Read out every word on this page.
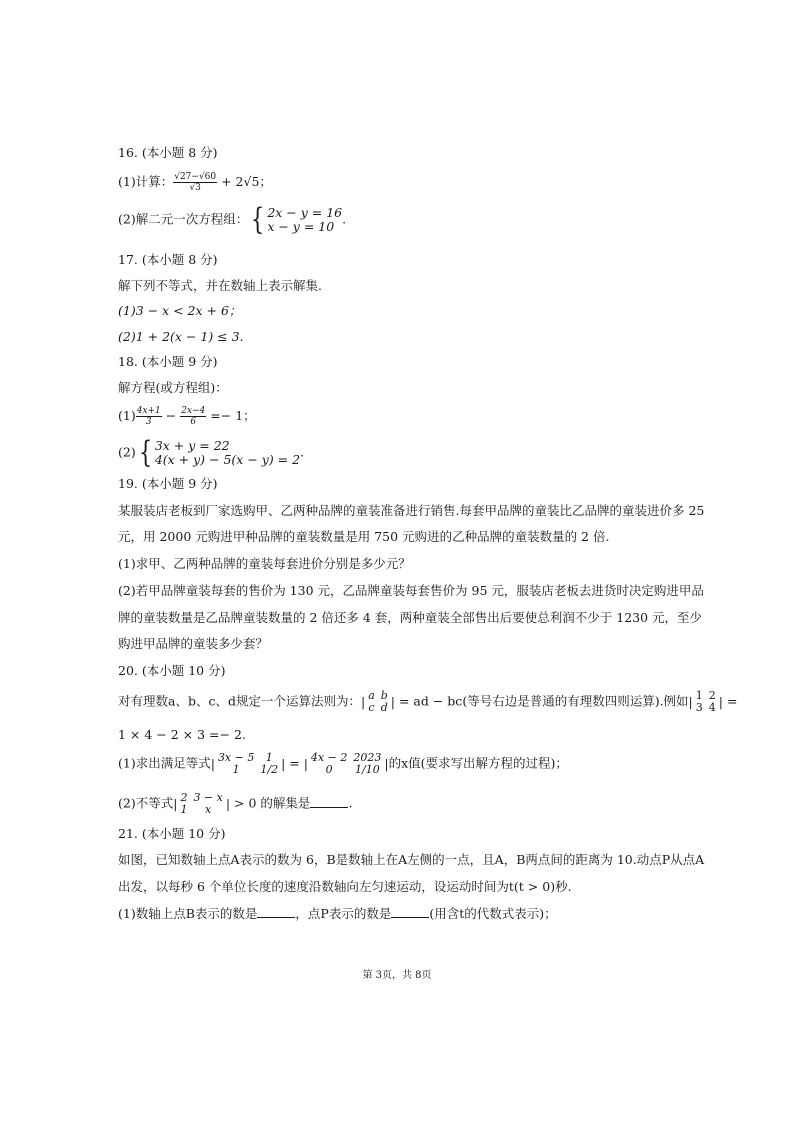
16. (本小题 8 分)
(1)计算： $\frac{√27-√60}{√3} + 2√5$；
(2)解二元一次方程组：{ 2x − y = 16
x − y = 10 .
17. (本小题 8 分)
解下列不等式，并在数轴上表示解集.
(1)3 − x < 2x + 6；
(2)1 + 2(x − 1) ≤ 3.
18. (本小题 9 分)
解方程(或方程组)：
$(1) \frac{4x+1}{3} - \frac{2x-4}{6} =- 1$；
(2){ 3x + y = 22
4(x + y) − 5(x − y) = 2 .
19. (本小题 9 分)
某服装店老板到厂家选购甲、乙两种品牌的童装准备进行销售.每套甲品牌的童装比乙品牌的童装进价多 25
元，用 2000 元购进甲种品牌的童装数量是用 750 元购进的乙种品牌的童装数量的 2 倍.
(1)求甲、乙两种品牌的童装每套进价分别是多少元？
(2)若甲品牌童装每套的售价为 130 元，乙品牌童装每套售价为 95 元，服装店老板去进货时决定购进甲品
牌的童装数量是乙品牌童装数量的 2 倍还多 4 套，两种童装全部售出后要使总利润不少于 1230 元，至少
购进甲品牌的童装多少套？
20. (本小题 10 分)
对有理数a、b、c、d规定一个运算法则为：| a	b
c	d | = ad − bc(等号右边是普通的有理数四则运算).例如| 1	2
3	4 | =
1 × 4 − 2 × 3 =− 2.
(1)求出满足等式| 3x − 5	1
1	1/2 | = | 4x − 2	2023
0	1/10 |的x值(要求写出解方程的过程)；
(2)不等式| 2	3 − x
1	x | > 0 的解集是	.
21. (本小题 10 分)
如图，已知数轴上点A表示的数为 6，B是数轴上在A左侧的一点，且A，B两点间的距离为 10.动点P从点A
出发，以每秒 6 个单位长度的速度沿数轴向左匀速运动，设运动时间为t(t > 0)秒.
(1)数轴上点B表示的数是	，点P表示的数是	(用含t的代数式表示)；
第 3页，共 8页
